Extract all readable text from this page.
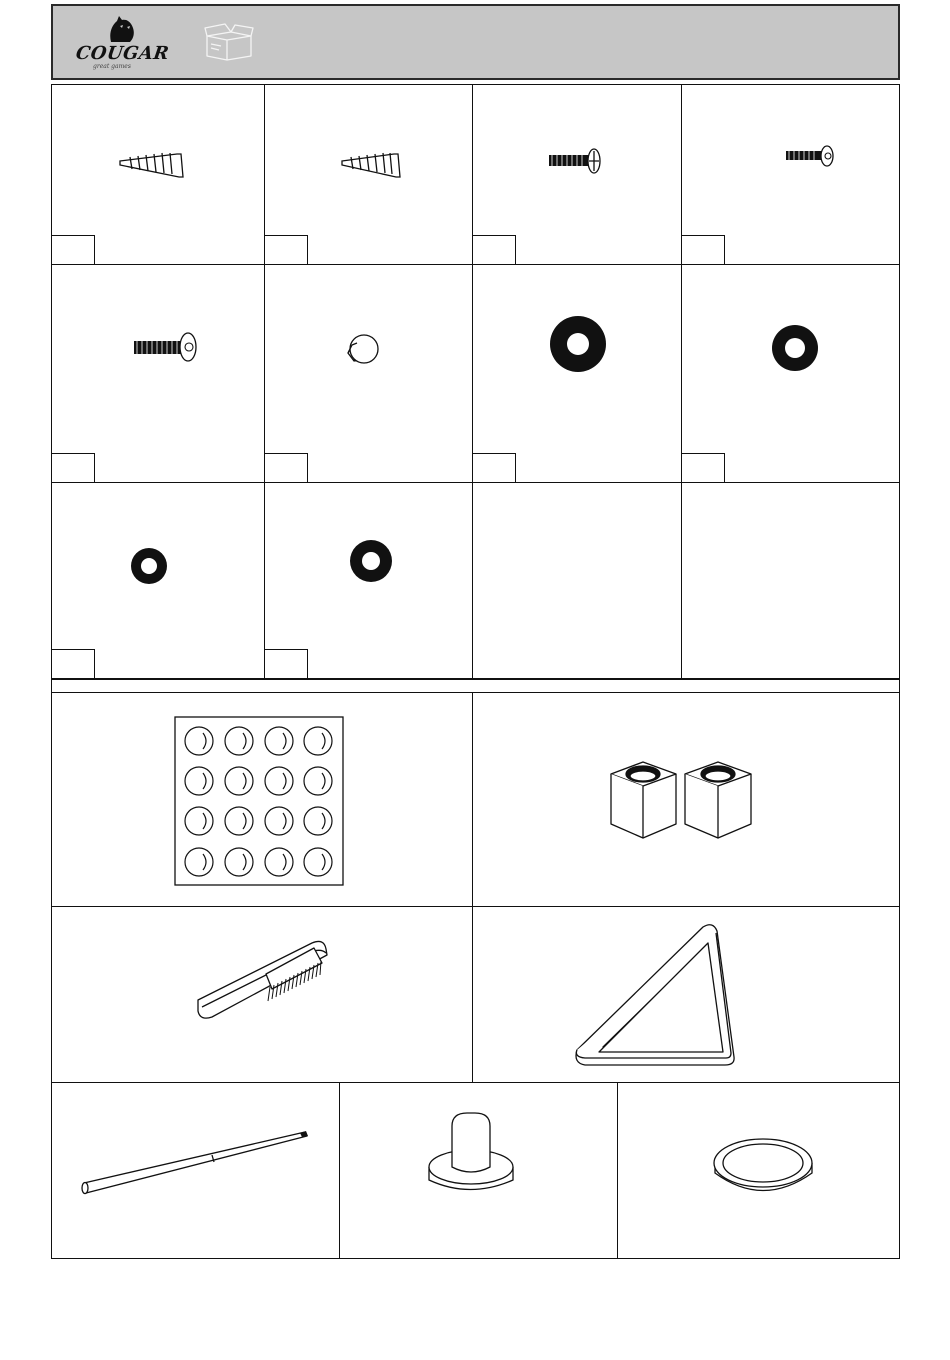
COUGAR
great games
